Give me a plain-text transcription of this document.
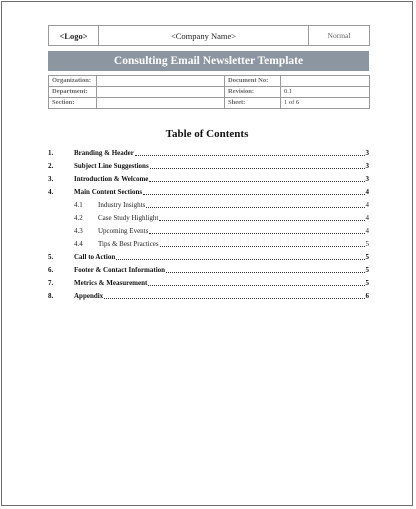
<Logo>	<Company Name>	Normal
Consulting Email Newsletter Template
Organization:		Document No:	
Department:		Revision:	0.1
Section:		Sheet:	1 of 6
Table of Contents
1.	Branding & Header	3
2.	Subject Line Suggestions	3
3.	Introduction & Welcome	3
4.	Main Content Sections	4
4.1	Industry Insights	4
4.2	Case Study Highlight	4
4.3	Upcoming Events	4
4.4	Tips & Best Practices	5
5.	Call to Action	5
6.	Footer & Contact Information	5
7.	Metrics & Measurement	5
8.	Appendix	6
